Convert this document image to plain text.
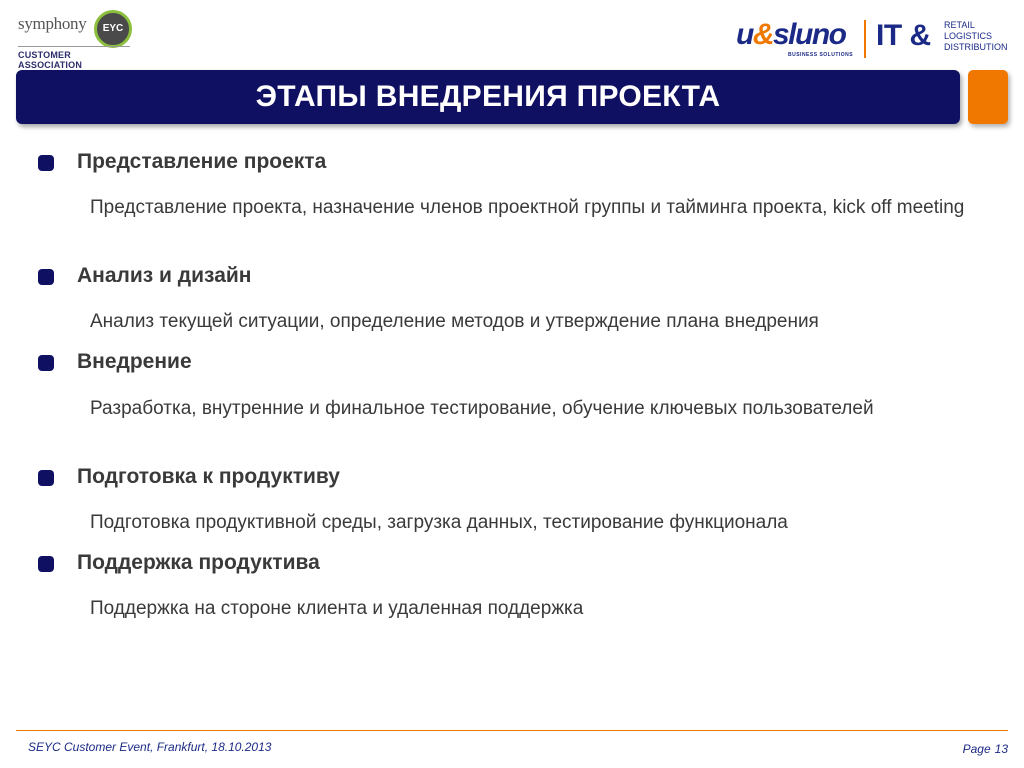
symphony	EYC
CUSTOMER ASSOCIATION
u&sluno
BUSINESS SOLUTIONS
IT & RETAIL
LOGISTICS
DISTRIBUTION
ЭТАПЫ ВНЕДРЕНИЯ ПРОЕКТА
Представление проекта
Представление проекта, назначение членов проектной группы и тайминга проекта, kick off meeting
Анализ и дизайн
Анализ текущей ситуации, определение методов и утверждение плана внедрения
Внедрение
Разработка, внутренние и финальное тестирование, обучение ключевых пользователей
Подготовка к продуктиву
Подготовка продуктивной среды, загрузка данных, тестирование функционала
Поддержка продуктива
Поддержка на стороне клиента и удаленная поддержка
SEYC Customer Event, Frankfurt, 18.10.2013	Page 13
